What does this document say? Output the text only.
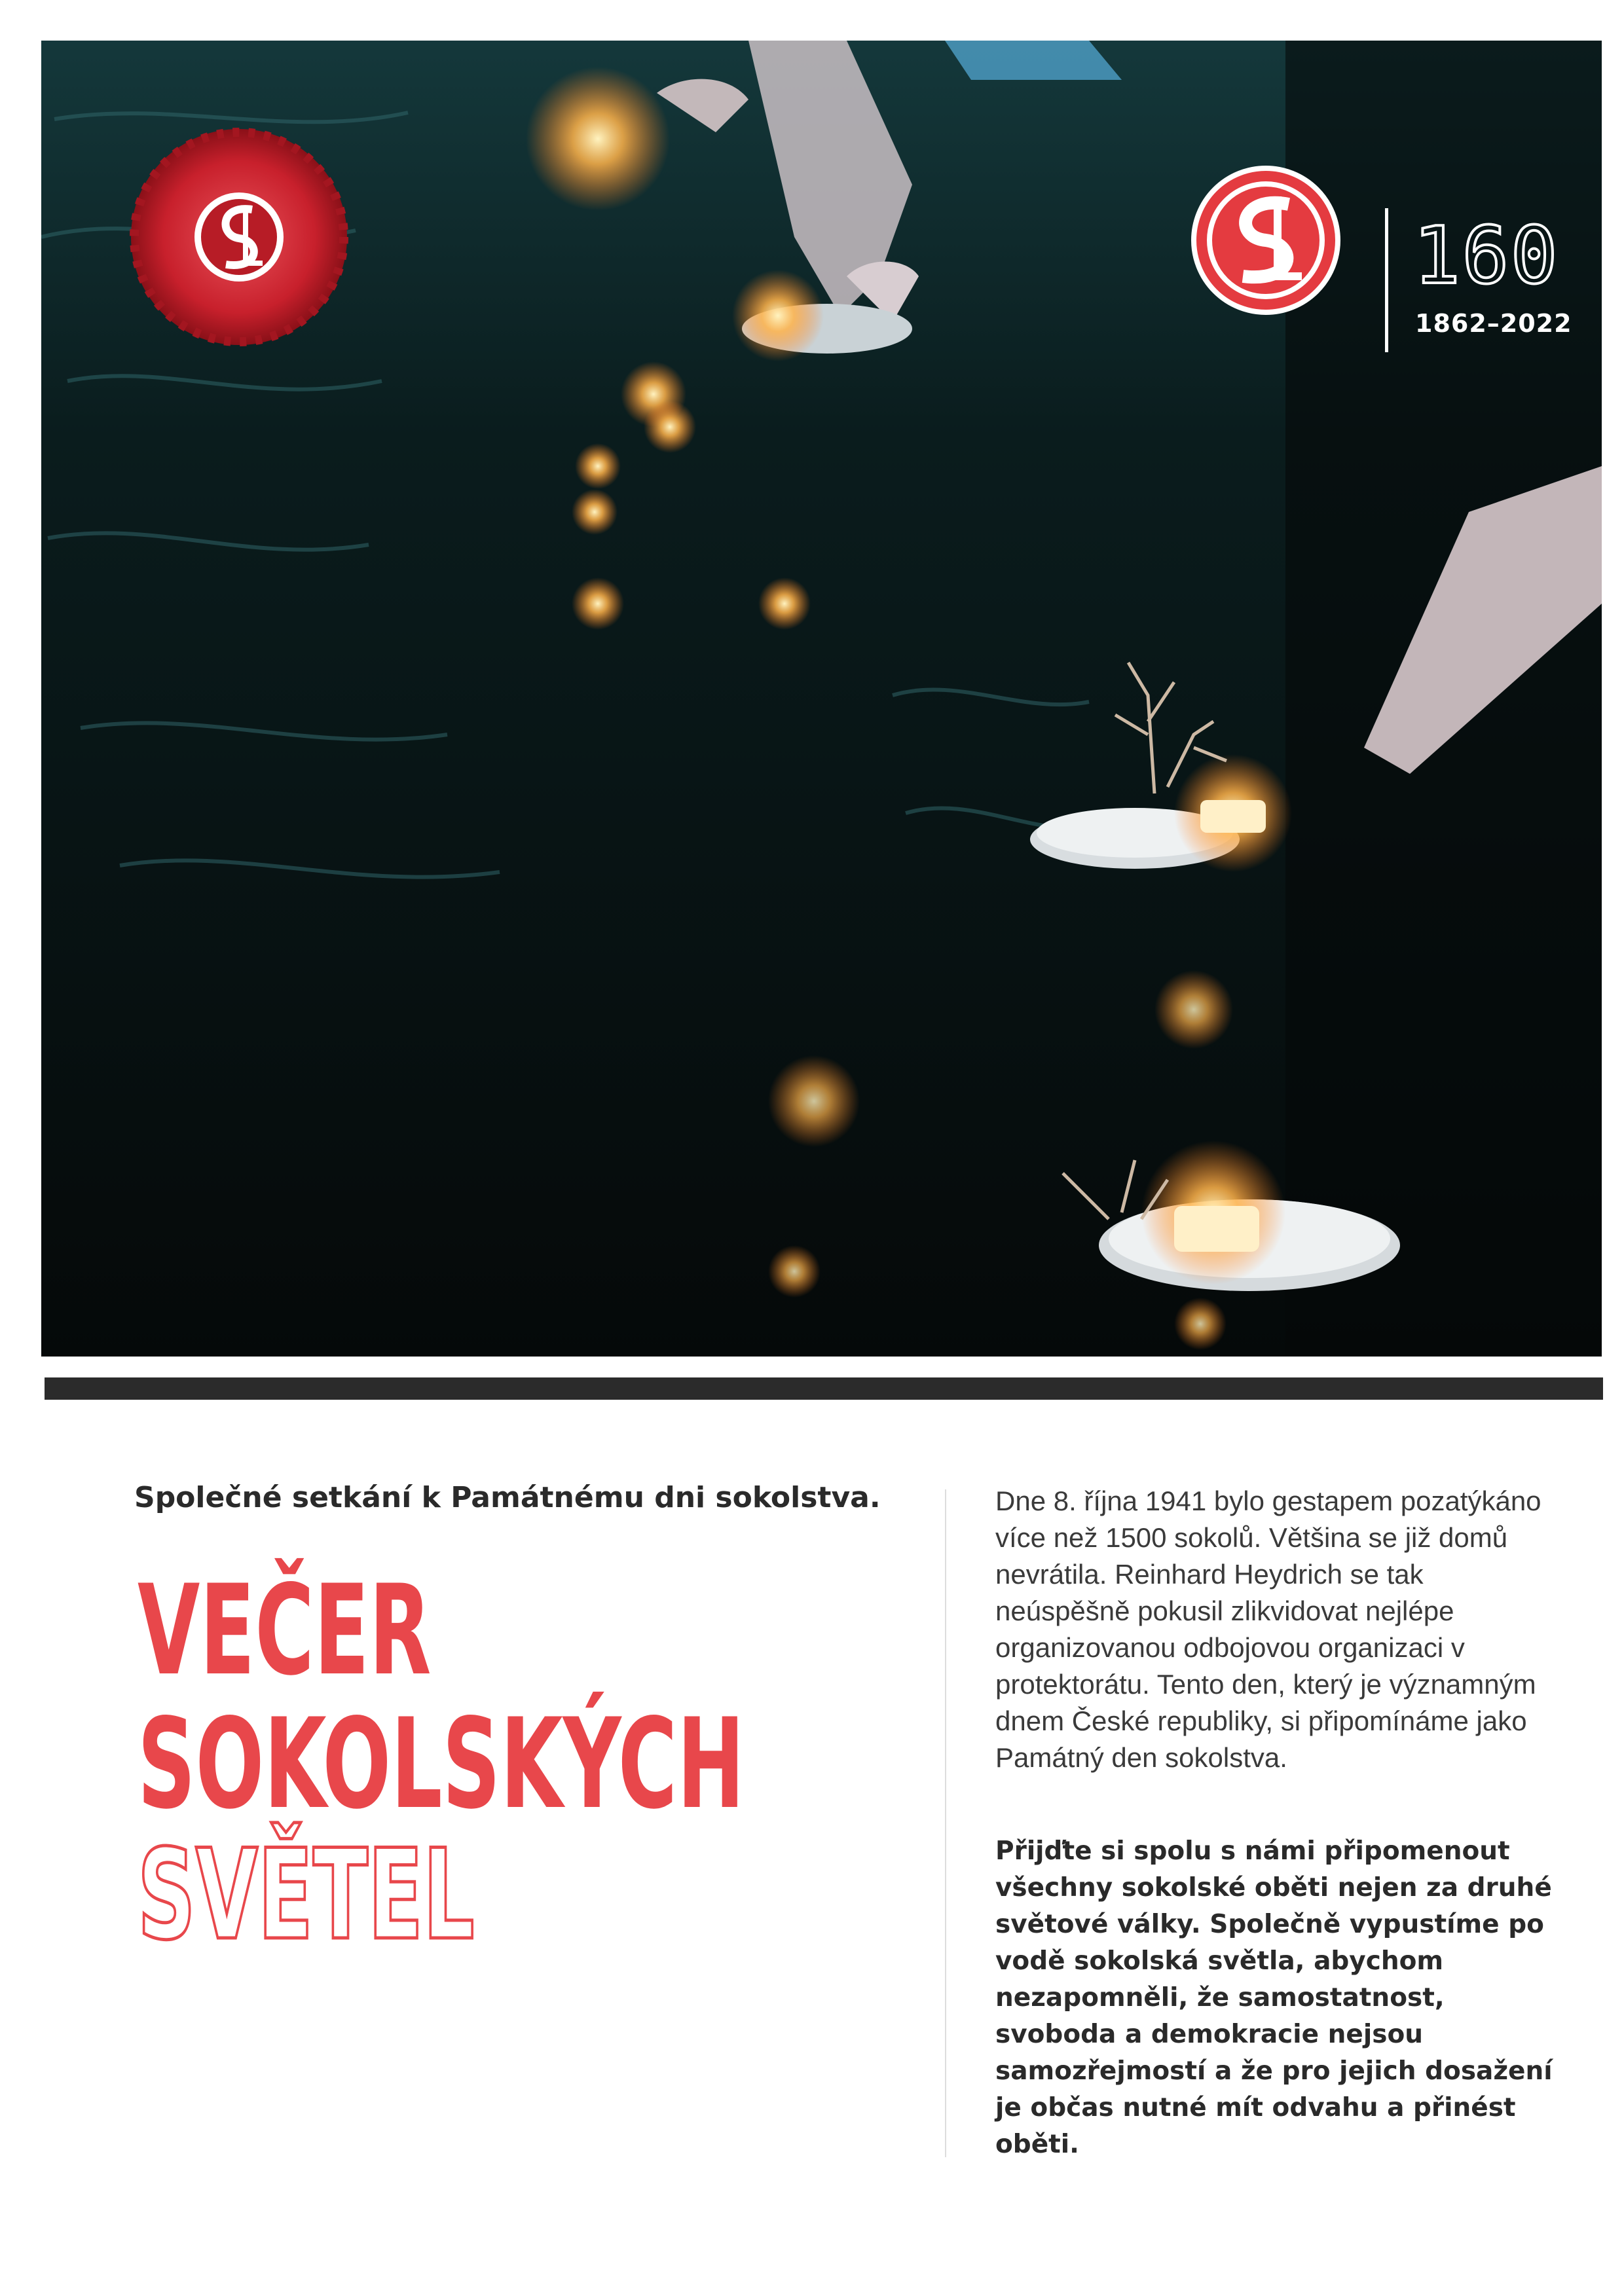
160
1862–2022
Společné setkání k Památnému dni sokolstva.
VEČER
SOKOLSKÝCH
SVĚTEL

Dne 8. října 1941 bylo gestapem pozatýkáno více než 1500 sokolů. Většina se již domů nevrátila. Reinhard Heydrich se tak neúspěšně pokusil zlikvidovat nejlépe organizovanou odbojovou organizaci v protektorátu. Tento den, který je významným dnem České republiky, si připomínáme jako Památný den sokolstva.

Přijďte si spolu s námi připomenout všechny sokolské oběti nejen za druhé světové války. Společně vypustíme po vodě sokolská světla, abychom nezapomněli, že samostatnost, svoboda a demokracie nejsou samozřejmostí a že pro jejich dosažení je občas nutné mít odvahu a přinést oběti.
